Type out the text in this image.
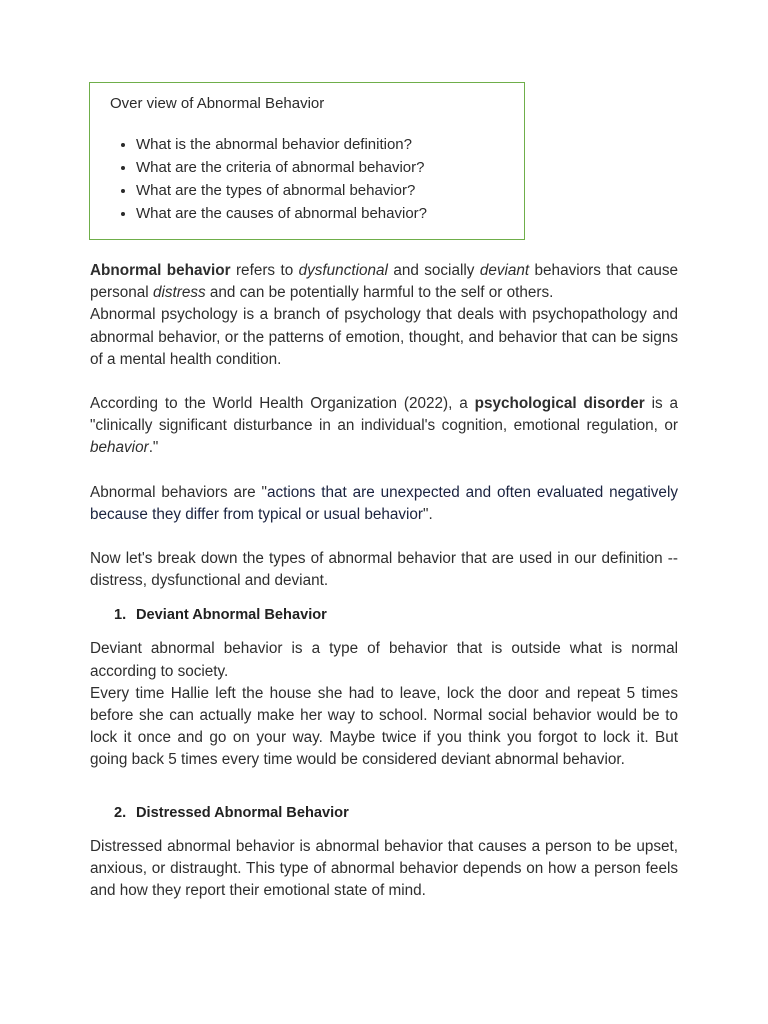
Over view of Abnormal Behavior
• What is the abnormal behavior definition?
• What are the criteria of abnormal behavior?
• What are the types of abnormal behavior?
• What are the causes of abnormal behavior?

Abnormal behavior refers to dysfunctional and socially deviant behaviors that cause personal distress and can be potentially harmful to the self or others.

Abnormal psychology is a branch of psychology that deals with psychopathology and abnormal behavior, or the patterns of emotion, thought, and behavior that can be signs of a mental health condition.

According to the World Health Organization (2022), a psychological disorder is a "clinically significant disturbance in an individual's cognition, emotional regulation, or behavior."

Abnormal behaviors are "actions that are unexpected and often evaluated negatively because they differ from typical or usual behavior".

Now let's break down the types of abnormal behavior that are used in our definition -- distress, dysfunctional and deviant.

1. Deviant Abnormal Behavior

Deviant abnormal behavior is a type of behavior that is outside what is normal according to society.

Every time Hallie left the house she had to leave, lock the door and repeat 5 times before she can actually make her way to school. Normal social behavior would be to lock it once and go on your way. Maybe twice if you think you forgot to lock it. But going back 5 times every time would be considered deviant abnormal behavior.

2. Distressed Abnormal Behavior

Distressed abnormal behavior is abnormal behavior that causes a person to be upset, anxious, or distraught. This type of abnormal behavior depends on how a person feels and how they report their emotional state of mind.
